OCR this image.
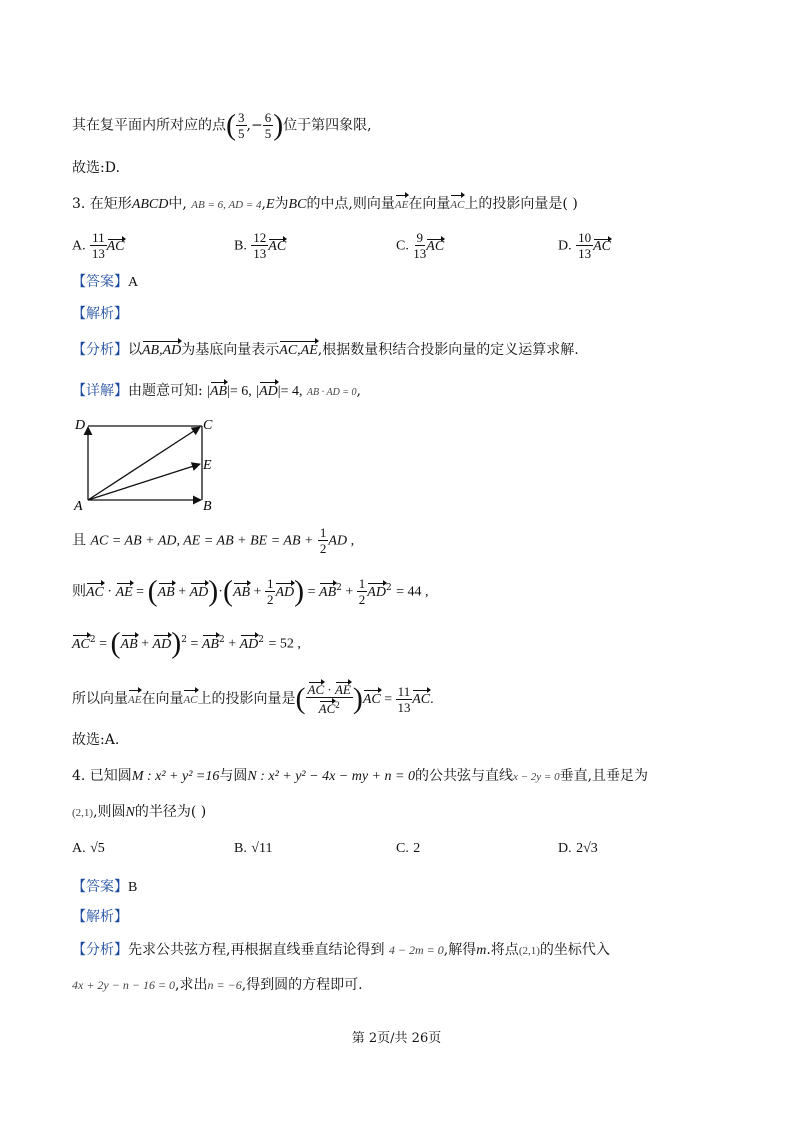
其在复平面内所对应的点( $\frac{3}{5}$ ,− $\frac{6}{5}$ )位于第四象限,
故选:D.
3. 在矩形ABCD中, AB = 6, AD = 4,E为BC的中点,则向量AE在向量AC上的投影向量是( )
A. $\frac{11}{13}$ AC	B. $\frac{12}{13}$ AC	C. $\frac{9}{13}$ AC	D. $\frac{10}{13}$ AC
【答案】A
【解析】
【分析】以AB,AD为基底向量表示AC,AE,根据数量积结合投影向量的定义运算求解.
【详解】由题意可知: |AB|= 6, |AD|= 4, AB · AD = 0,
D	C
E
A	B
且 AC = AB + AD, AE = AB + BE = AB + $\frac{1}{2}$ AD ,
则AC · AE = $(AB + AD)\cdot(AB + \frac{1}{2} AD) = AB^2 + \frac{1}{2} AD^2 = 44$ ,
$AC^2 = (AB + AD)^2 = AB^2 + AD^2 = 52$ ,
所以向量AE在向量AC上的投影向量是( $\frac{AC \cdot AE}{AC^2} )AC = \frac{11}{13}$ AC.
故选:A.
4. 已知圆M : x² + y² =16与圆N : x² + y² − 4x − my + n = 0的公共弦与直线x − 2y = 0垂直,且垂足为
(2,1),则圆N的半径为( )
A. √5	B. √11	C. 2	D. 2√3
【答案】B
【解析】
【分析】先求公共弦方程,再根据直线垂直结论得到 4 − 2m = 0,解得m.将点(2,1)的坐标代入
4x + 2y − n − 16 = 0,求出n = −6,得到圆的方程即可.
第 2页/共 26页
